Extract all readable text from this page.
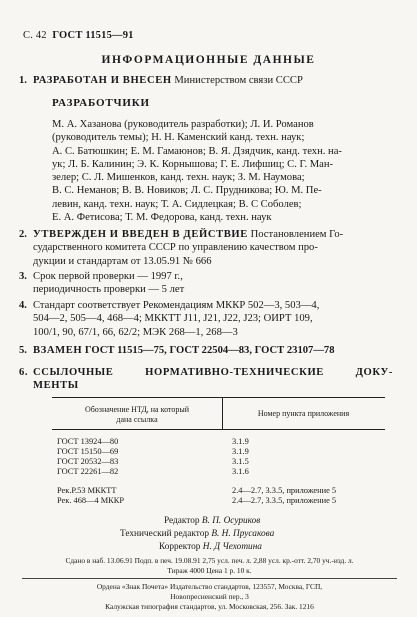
С. 42 ГОСТ 11515—91
ИНФОРМАЦИОННЫЕ ДАННЫЕ
1. РАЗРАБОТАН И ВНЕСЕН Министерством связи СССР
РАЗРАБОТЧИКИ
М. А. Хазанова (руководитель разработки); Л. И. Романов
(руководитель темы); Н. Н. Каменский канд. техн. наук;
А. С. Батюшкин; Е. М. Гамаюнов; В. Я. Дзядчик, канд. техн. на-
ук; Л. Б. Калинин; Э. К. Корнышова; Г. Е. Лифшиц; С. Г. Ман-
зелер; С. Л. Мишенков, канд. техн. наук; З. М. Наумова;
В. С. Неманов; В. В. Новиков; Л. С. Прудникова; Ю. М. Пе-
левин, канд. техн. наук; Т. А. Сидлецкая; В. С Соболев;
Е. А. Фетисова; Т. М. Федорова, канд. техн. наук
2. УТВЕРЖДЕН И ВВЕДЕН В ДЕЙСТВИЕ Постановлением Го-
сударственного комитета СССР по управлению качеством про-
дукции и стандартам от 13.05.91 № 666
3. Срок первой проверки — 1997 г.,
периодичность проверки — 5 лет
4. Стандарт соответствует Рекомендациям МККР 502—3, 503—4,
504—2, 505—4, 468—4; МККТТ J11, J21, J22, J23; ОИРТ 109,
100/1, 90, 67/1, 66, 62/2; МЭК 268—1, 268—3
5. ВЗАМЕН ГОСТ 11515—75, ГОСТ 22504—83, ГОСТ 23107—78
6. ССЫЛОЧНЫЕ	НОРМАТИВНО-ТЕХНИЧЕСКИЕ	ДОКУ-
МЕНТЫ
Обозначение НТД, на который
дана ссылка
Номер пункта приложения
ГОСТ 13924—80	3.1.9
ГОСТ 15150—69	3.1.9
ГОСТ 20532—83	3.1.5
ГОСТ 22261—82	3.1.6
Рек.Р.53 МККТТ	2.4—2.7, 3.3.5, приложение 5
Рек. 468—4 МККР	2.4—2.7, 3.3.5, приложение 5
Редактор В. П. Осуриков
Технический редактор В. Н. Прусакова
Корректор Н. Д Чехотина
Сдано в наб. 13.06.91 Подп. в печ. 19.08.91 2,75 усл. печ. л. 2,88 усл. кр.-отт. 2,70 уч.-изд. л.
Тираж 4000 Цена 1 р. 10 к.
Ордена «Знак Почета» Издательство стандартов, 123557, Москва, ГСП,
Новопресненский пер., 3
Калужская типография стандартов, ул. Московская, 256. Зак. 1216
